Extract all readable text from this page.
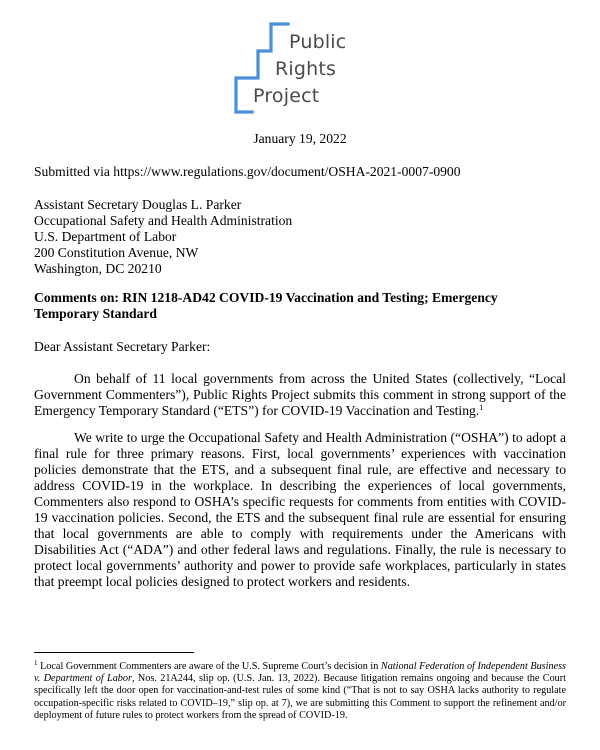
Public
Rights
Project
January 19, 2022
Submitted via https://www.regulations.gov/document/OSHA-2021-0007-0900
Assistant Secretary Douglas L. Parker
Occupational Safety and Health Administration
U.S. Department of Labor
200 Constitution Avenue, NW
Washington, DC 20210
Comments on: RIN 1218-AD42 COVID-19 Vaccination and Testing; Emergency Temporary Standard
Dear Assistant Secretary Parker:
On behalf of 11 local governments from across the United States (collectively, “Local Government Commenters”), Public Rights Project submits this comment in strong support of the Emergency Temporary Standard (“ETS”) for COVID-19 Vaccination and Testing.$^1$
We write to urge the Occupational Safety and Health Administration (“OSHA”) to adopt a final rule for three primary reasons. First, local governments’ experiences with vaccination policies demonstrate that the ETS, and a subsequent final rule, are effective and necessary to address COVID-19 in the workplace. In describing the experiences of local governments, Commenters also respond to OSHA’s specific requests for comments from entities with COVID-19 vaccination policies. Second, the ETS and the subsequent final rule are essential for ensuring that local governments are able to comply with requirements under the Americans with Disabilities Act (“ADA”) and other federal laws and regulations. Finally, the rule is necessary to protect local governments’ authority and power to provide safe workplaces, particularly in states that preempt local policies designed to protect workers and residents.
$^1$ Local Government Commenters are aware of the U.S. Supreme Court’s decision in National Federation of Independent Business v. Department of Labor, Nos. 21A244, slip op. (U.S. Jan. 13, 2022). Because litigation remains ongoing and because the Court specifically left the door open for vaccination-and-test rules of some kind (“That is not to say OSHA lacks authority to regulate occupation-specific risks related to COVID–19,” slip op. at 7), we are submitting this Comment to support the refinement and/or deployment of future rules to protect workers from the spread of COVID-19.
